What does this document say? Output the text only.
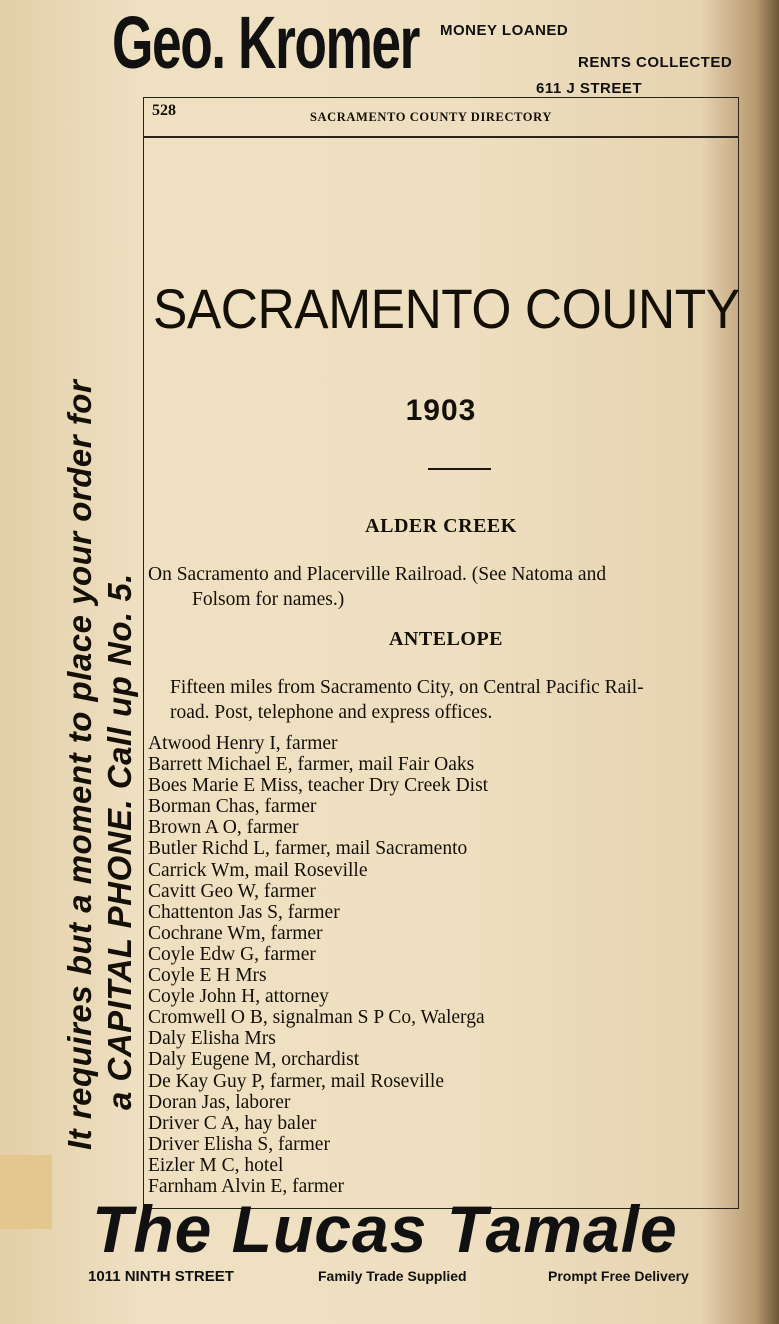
Geo. Kromer MONEY LOANED
RENTS COLLECTED
611 J STREET
528	SACRAMENTO COUNTY DIRECTORY
SACRAMENTO COUNTY
1903
ALDER CREEK
On Sacramento and Placerville Railroad. (See Natoma and
Folsom for names.)
ANTELOPE
Fifteen miles from Sacramento City, on Central Pacific Rail-
road. Post, telephone and express offices.
Atwood Henry I, farmer
Barrett Michael E, farmer, mail Fair Oaks
Boes Marie E Miss, teacher Dry Creek Dist
Borman Chas, farmer
Brown A O, farmer
Butler Richd L, farmer, mail Sacramento
Carrick Wm, mail Roseville
Cavitt Geo W, farmer
Chattenton Jas S, farmer
Cochrane Wm, farmer
Coyle Edw G, farmer
Coyle E H Mrs
Coyle John H, attorney
Cromwell O B, signalman S P Co, Walerga
Daly Elisha Mrs
Daly Eugene M, orchardist
De Kay Guy P, farmer, mail Roseville
Doran Jas, laborer
Driver C A, hay baler
Driver Elisha S, farmer
Eizler M C, hotel
Farnham Alvin E, farmer
It requires but a moment to place your order for a CAPITAL PHONE. Call up No. 5.
The Lucas Tamale
1011 NINTH STREET	Family Trade Supplied	Prompt Free Delivery
